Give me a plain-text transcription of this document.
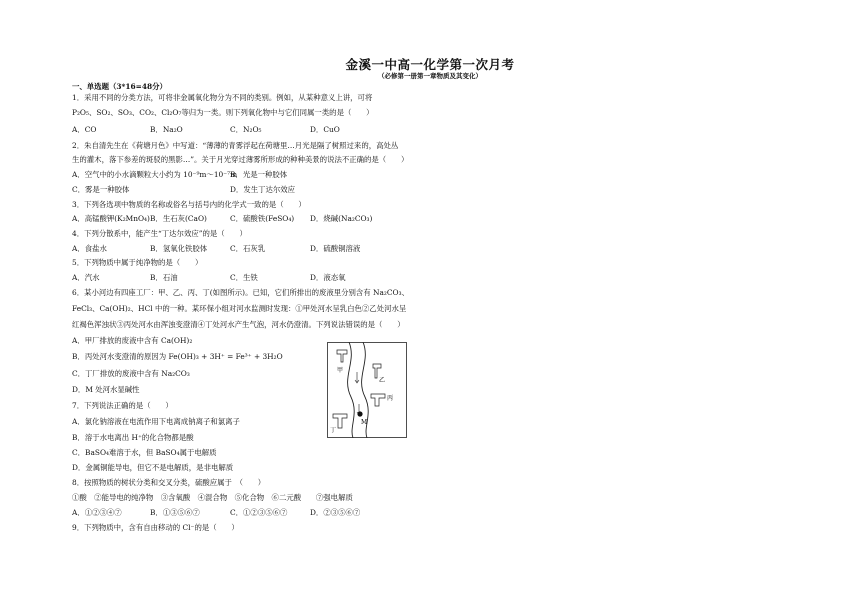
金溪一中高一化学第一次月考
（必修第一册第一章物质及其变化）
一、单选题（3*16=48分）
1．采用不同的分类方法，可将非金属氧化物分为不同的类别。例如，从某种意义上讲，可将
P₂O₅、SO₂、SO₃、CO₂、Cl₂O₇等归为一类。则下列氧化物中与它们同属一类的是（　　）
A．CO	B．Na₂O	C．N₂O₅	D．CuO
2．朱自清先生在《荷塘月色》中写道：“薄薄的青雾浮起在荷塘里…月光是隔了树照过来的，高处丛
生的灌木，落下参差的斑驳的黑影…”。关于月光穿过薄雾所形成的种种美景的说法不正确的是（　　）
A．空气中的小水滴颗粒大小约为 10⁻⁹m～10⁻⁷m
B．光是一种胶体
C．雾是一种胶体	D．发生丁达尔效应
3．下列各选项中物质的名称或俗名与括号内的化学式一致的是（　　）
A．高锰酸钾(K₂MnO₄) B．生石灰(CaO)	C．硫酸铁(FeSO₄) D．烧碱(Na₂CO₃)
4．下列分散系中，能产生“丁达尔效应”的是（　　）
A．食盐水	B．氢氧化铁胶体	C．石灰乳	D．硫酸铜溶液
5．下列物质中属于纯净物的是（　　）
A．汽水	B．石油	C．生铁	D．液态氧
6．某小河边有四座工厂：甲、乙、丙、丁(如图所示)。已知，它们所排出的废液里分别含有 Na₂CO₃、
FeCl₃、Ca(OH)₂、HCl 中的一种。某环保小组对河水监测时发现：①甲处河水呈乳白色②乙处河水呈
红褐色浑浊状③丙处河水由浑浊变澄清④丁处河水产生气泡，河水仍澄清。下列说法错误的是（　　）
A．甲厂排放的废液中含有 Ca(OH)₂
B．丙处河水变澄清的原因为 Fe(OH)₃ + 3H⁺ = Fe³⁺ + 3H₂O
C．丁厂排放的废液中含有 Na₂CO₃
D．M 处河水显碱性
甲
乙
丙
丁
M
7．下列说法正确的是（　　）
A．氯化钠溶液在电流作用下电离成钠离子和氯离子
B．溶于水电离出 H⁺的化合物都是酸
C．BaSO₄难溶于水，但 BaSO₄属于电解质
D．金属铜能导电，但它不是电解质，是非电解质
8．按照物质的树状分类和交叉分类，硫酸应属于　（　　）
①酸　②能导电的纯净物　③含氧酸　④混合物　⑤化合物　⑥二元酸　　⑦强电解质
A．①②③④⑦	B．①③⑤⑥⑦	C．①②③⑤⑥⑦	D．②③⑤⑥⑦
9．下列物质中，含有自由移动的 Cl⁻的是（　　）
